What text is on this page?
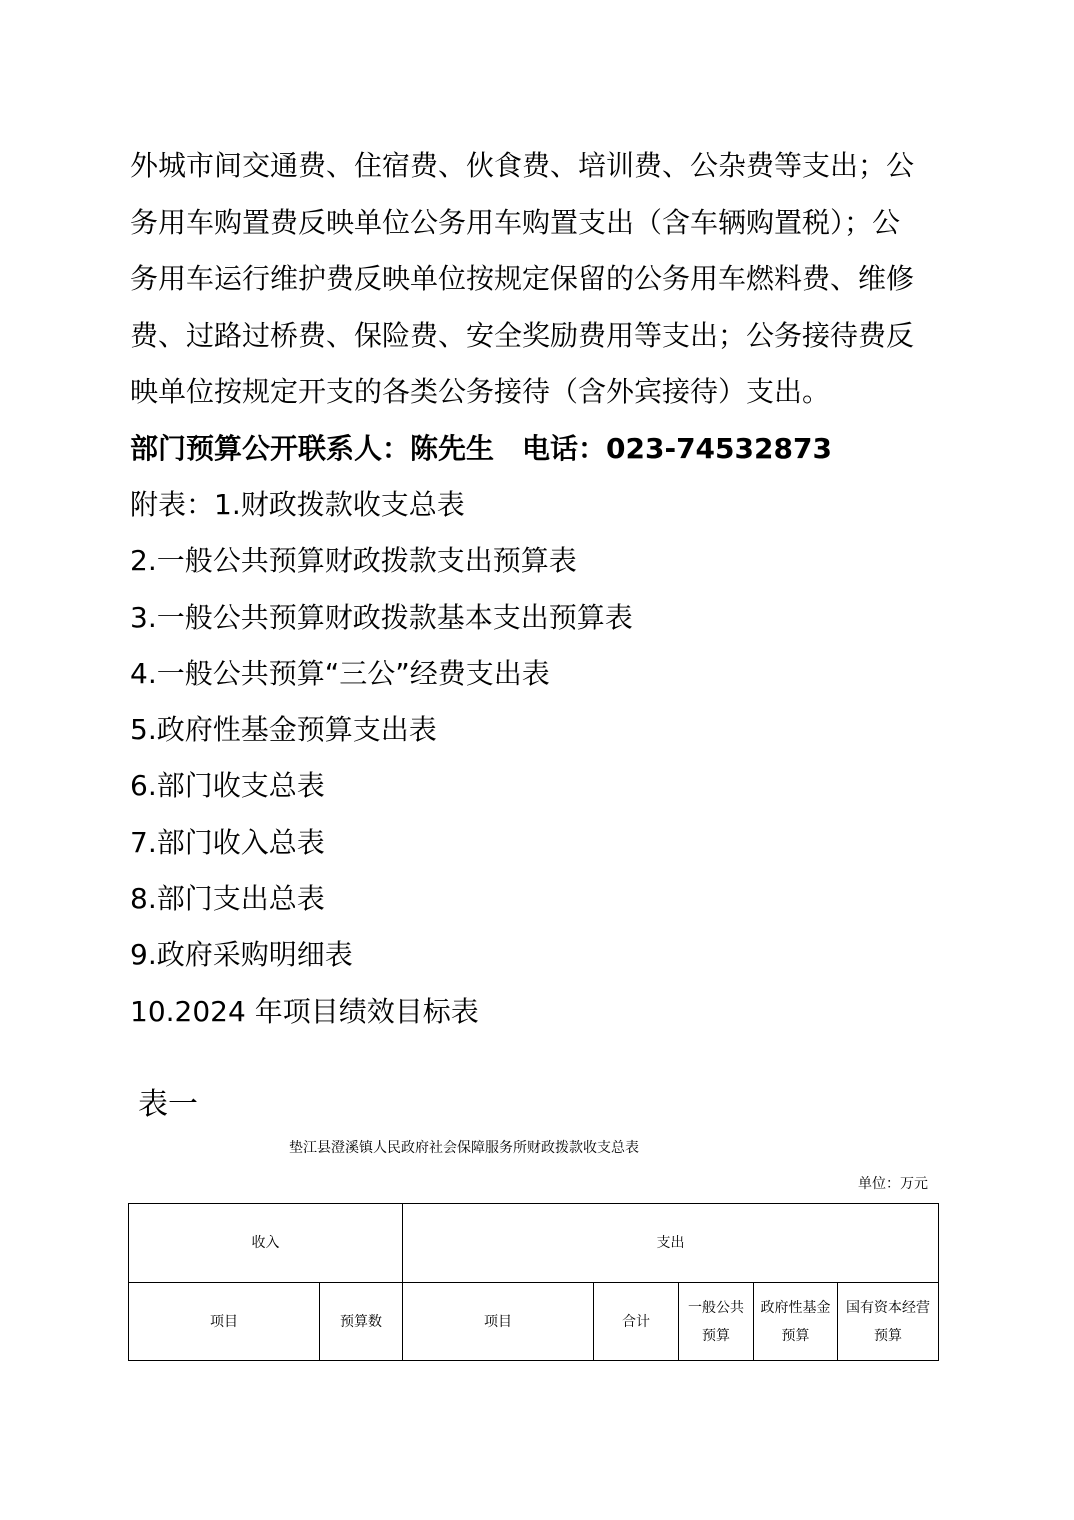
外城市间交通费、住宿费、伙食费、培训费、公杂费等支出；公
务用车购置费反映单位公务用车购置支出（含车辆购置税）；公
务用车运行维护费反映单位按规定保留的公务用车燃料费、维修
费、过路过桥费、保险费、安全奖励费用等支出；公务接待费反
映单位按规定开支的各类公务接待（含外宾接待）支出。
部门预算公开联系人：陈先生　电话：023-74532873
附表：1.财政拨款收支总表
2.一般公共预算财政拨款支出预算表
3.一般公共预算财政拨款基本支出预算表
4.一般公共预算“三公”经费支出表
5.政府性基金预算支出表
6.部门收支总表
7.部门收入总表
8.部门支出总表
9.政府采购明细表
10.2024 年项目绩效目标表
表一
垫江县澄溪镇人民政府社会保障服务所财政拨款收支总表
单位：万元
收入		支出				
项目	预算数	项目	合计	一般公共预算	政府性基金预算	国有资本经营预算
